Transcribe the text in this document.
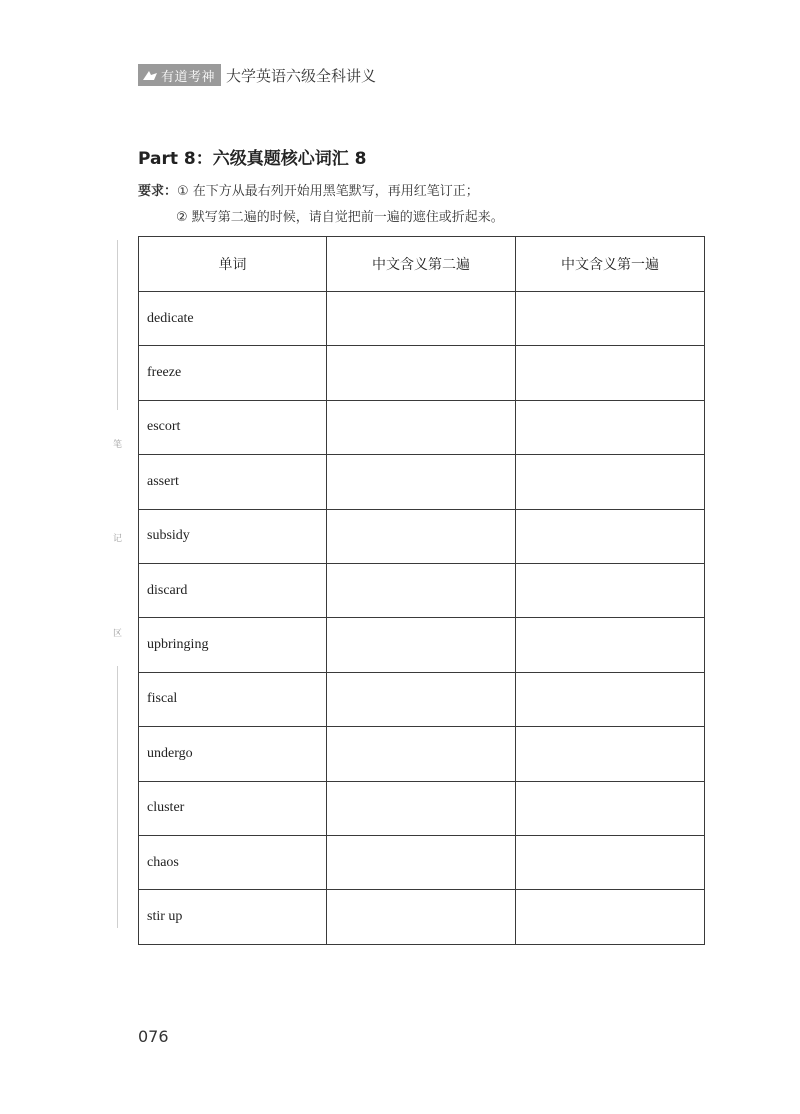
有道考神 大学英语六级全科讲义
Part 8：六级真题核心词汇 8
要求：① 在下方从最右列开始用黑笔默写，再用红笔订正；
② 默写第二遍的时候，请自觉把前一遍的遮住或折起来。
笔
记
区
单词	中文含义第二遍	中文含义第一遍
dedicate		
freeze		
escort		
assert		
subsidy		
discard		
upbringing		
fiscal		
undergo		
cluster		
chaos		
stir up		
076
